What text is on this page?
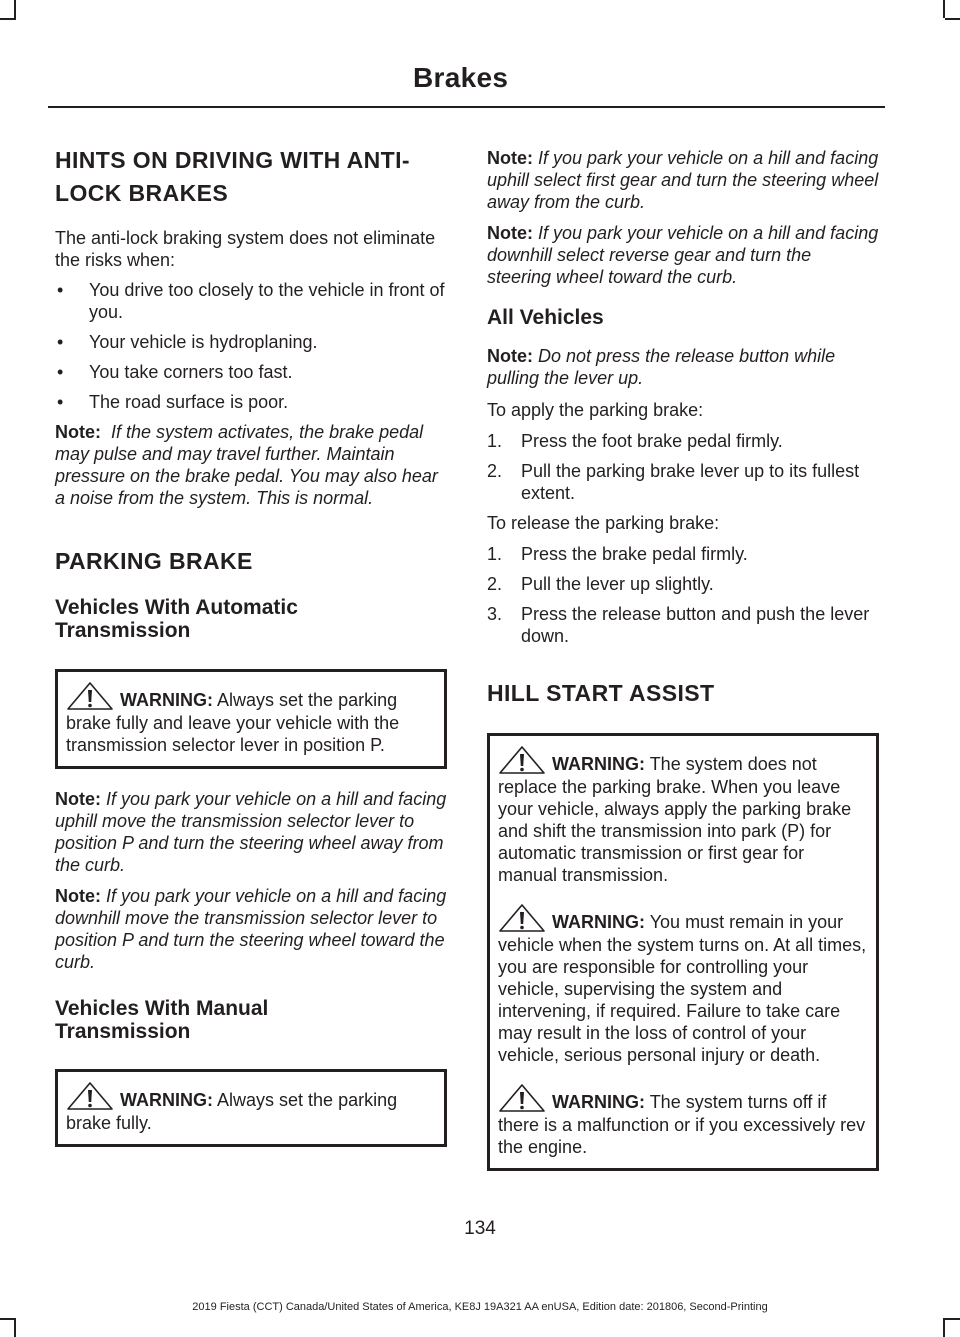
Brakes
HINTS ON DRIVING WITH ANTI-LOCK BRAKES

The anti-lock braking system does not eliminate the risks when:

• You drive too closely to the vehicle in front of you.
• Your vehicle is hydroplaning.
• You take corners too fast.
• The road surface is poor.

Note: If the system activates, the brake pedal may pulse and may travel further. Maintain pressure on the brake pedal. You may also hear a noise from the system. This is normal.

PARKING BRAKE
Vehicles With Automatic Transmission
WARNING: Always set the parking brake fully and leave your vehicle with the transmission selector lever in position P.

Note: If you park your vehicle on a hill and facing uphill move the transmission selector lever to position P and turn the steering wheel away from the curb.

Note: If you park your vehicle on a hill and facing downhill move the transmission selector lever to position P and turn the steering wheel toward the curb.

Vehicles With Manual Transmission
WARNING: Always set the parking brake fully.

Note: If you park your vehicle on a hill and facing uphill select first gear and turn the steering wheel away from the curb.

Note: If you park your vehicle on a hill and facing downhill select reverse gear and turn the steering wheel toward the curb.

All Vehicles

Note: Do not press the release button while pulling the lever up.

To apply the parking brake:

1. Press the foot brake pedal firmly.
2. Pull the parking brake lever up to its fullest extent.

To release the parking brake:

1. Press the brake pedal firmly.
2. Pull the lever up slightly.
3. Press the release button and push the lever down.
HILL START ASSIST
WARNING: The system does not replace the parking brake. When you leave your vehicle, always apply the parking brake and shift the transmission into park (P) for automatic transmission or first gear for manual transmission.
WARNING: You must remain in your vehicle when the system turns on. At all times, you are responsible for controlling your vehicle, supervising the system and intervening, if required. Failure to take care may result in the loss of control of your vehicle, serious personal injury or death.
WARNING: The system turns off if there is a malfunction or if you excessively rev the engine.
134
2019 Fiesta (CCT) Canada/United States of America, KE8J 19A321 AA enUSA, Edition date: 201806, Second-Printing
